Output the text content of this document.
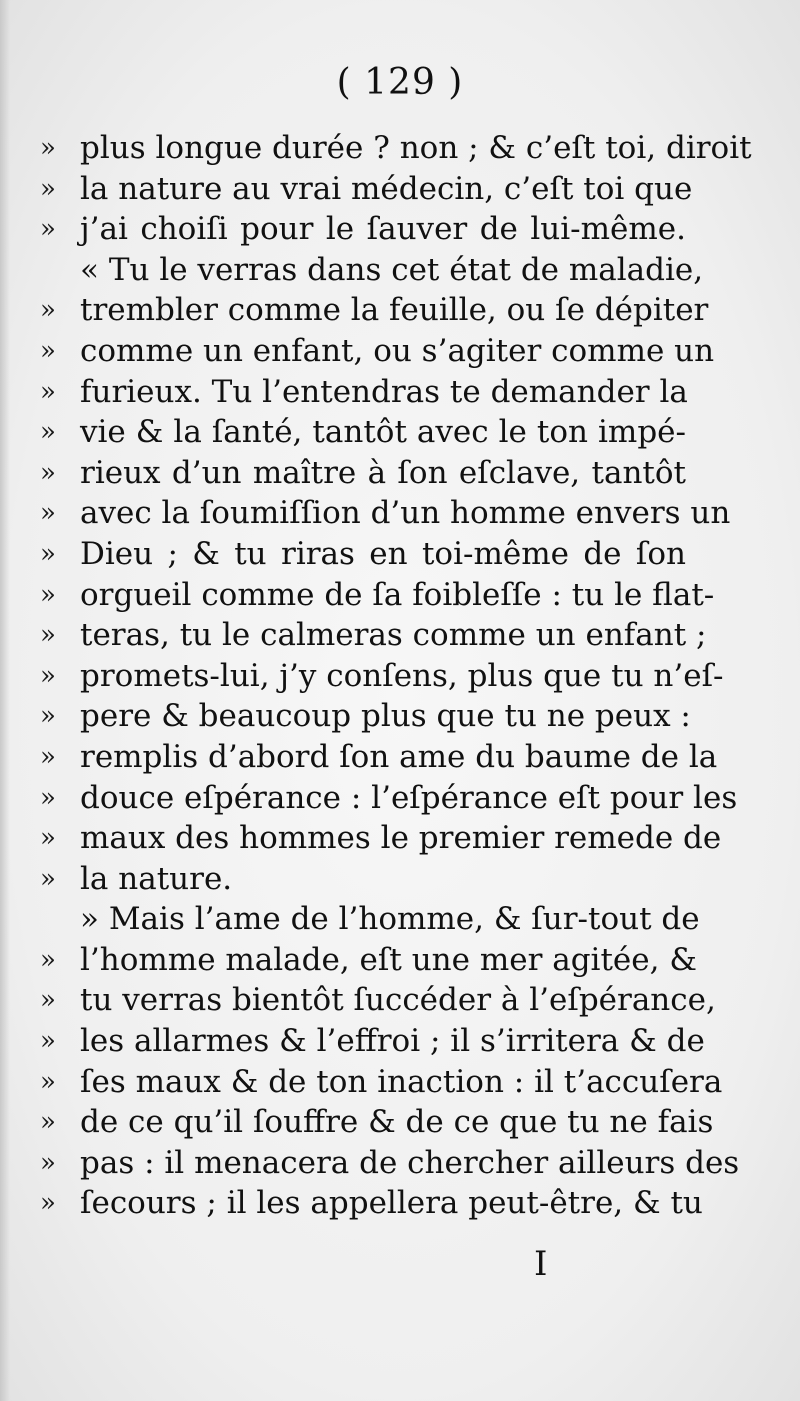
( 129 )
» plus longue durée ? non ; & c’eſt toi, diroit
» la nature au vrai médecin, c’eſt toi que
» j’ai choiſi pour le ſauver de lui-même.
« Tu le verras dans cet état de maladie,
» trembler comme la feuille, ou ſe dépiter
» comme un enfant, ou s’agiter comme un
» furieux. Tu l’entendras te demander la
» vie & la ſanté, tantôt avec le ton impé-
» rieux d’un maître à ſon eſclave, tantôt
» avec la ſoumiſſion d’un homme envers un
» Dieu ; & tu riras en toi-même de ſon
» orgueil comme de ſa foibleſſe : tu le flat-
» teras, tu le calmeras comme un enfant ;
» promets-lui, j’y conſens, plus que tu n’eſ-
» pere & beaucoup plus que tu ne peux :
» remplis d’abord ſon ame du baume de la
» douce eſpérance : l’eſpérance eſt pour les
» maux des hommes le premier remede de
» la nature.
» Mais l’ame de l’homme, & ſur-tout de
» l’homme malade, eſt une mer agitée, &
» tu verras bientôt ſuccéder à l’eſpérance,
» les allarmes & l’effroi ; il s’irritera & de
» ſes maux & de ton inaction : il t’accuſera
» de ce qu’il ſouffre & de ce que tu ne fais
» pas : il menacera de chercher ailleurs des
» ſecours ; il les appellera peut-être, & tu
I
